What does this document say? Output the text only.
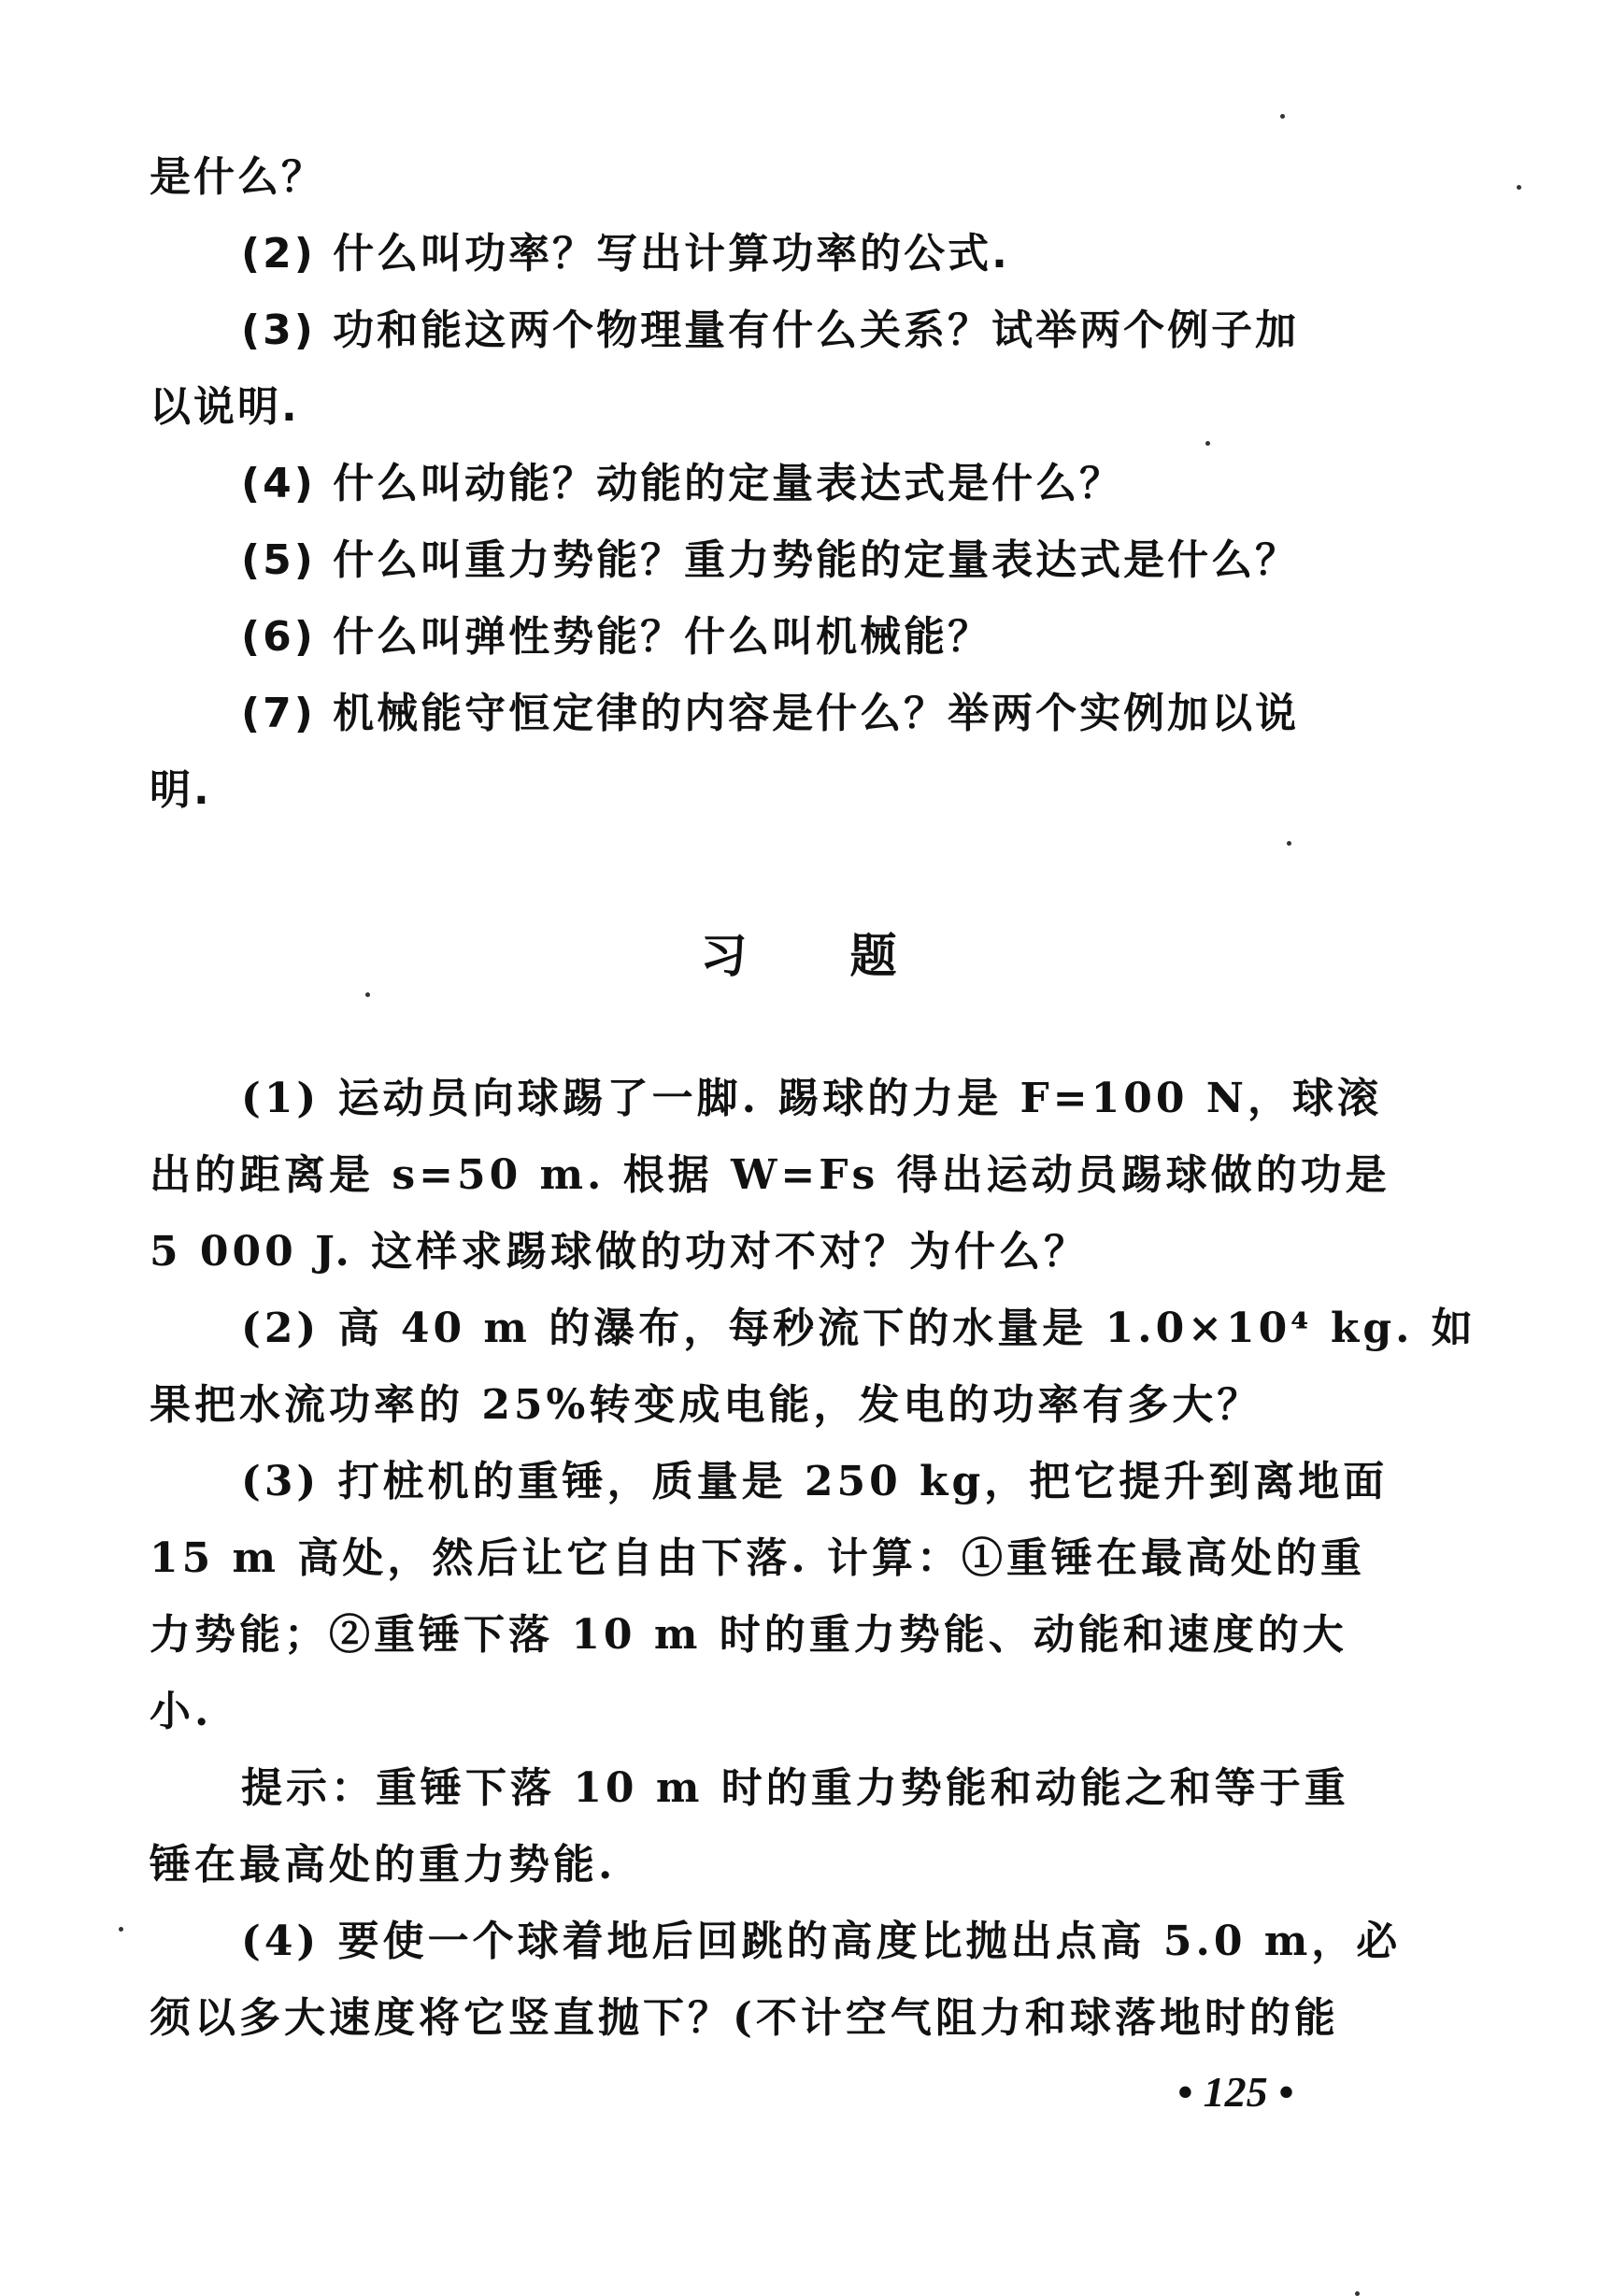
是什么？
(2) 什么叫功率？写出计算功率的公式.
(3) 功和能这两个物理量有什么关系？试举两个例子加
以说明.
(4) 什么叫动能？动能的定量表达式是什么？
(5) 什么叫重力势能？重力势能的定量表达式是什么？
(6) 什么叫弹性势能？什么叫机械能？
(7) 机械能守恒定律的内容是什么？举两个实例加以说
明.
习题
(1) 运动员向球踢了一脚. 踢球的力是 F=100 N，球滚
出的距离是 s=50 m. 根据 W=Fs 得出运动员踢球做的功是
5 000 J. 这样求踢球做的功对不对？为什么？
(2) 高 40 m 的瀑布，每秒流下的水量是 1.0×10⁴ kg. 如
果把水流功率的 25%转变成电能，发电的功率有多大？
(3) 打桩机的重锤，质量是 250 kg，把它提升到离地面
15 m 高处，然后让它自由下落. 计算：①重锤在最高处的重
力势能；②重锤下落 10 m 时的重力势能、动能和速度的大
小.
提示：重锤下落 10 m 时的重力势能和动能之和等于重
锤在最高处的重力势能.
(4) 要使一个球着地后回跳的高度比抛出点高 5.0 m，必
须以多大速度将它竖直抛下？(不计空气阻力和球落地时的能
• 125 •
